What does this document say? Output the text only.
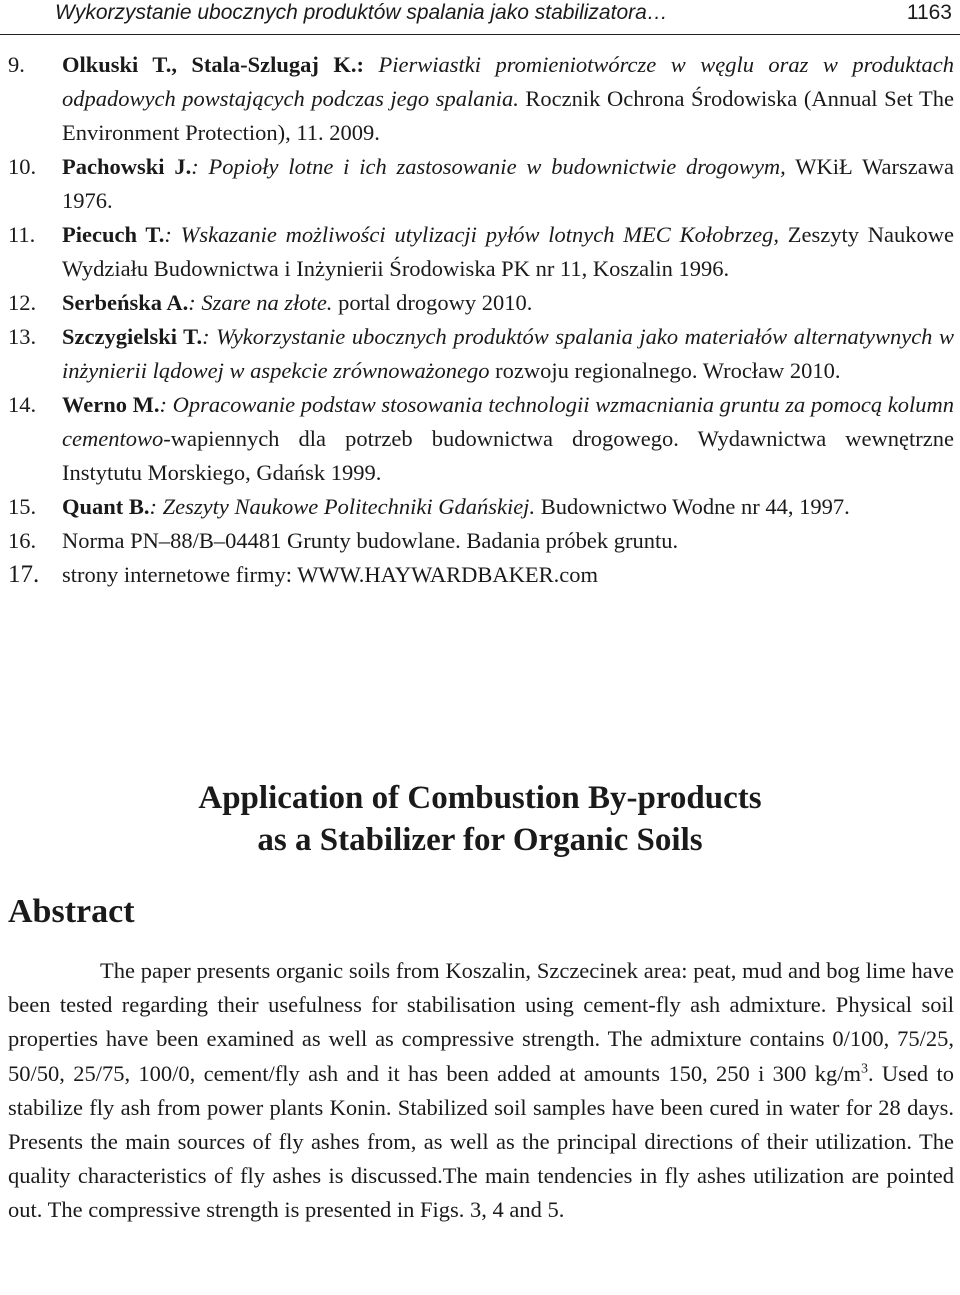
Wykorzystanie ubocznych produktów spalania jako stabilizatora…	1163
9. Olkuski T., Stala-Szlugaj K.: Pierwiastki promieniotwórcze w węglu oraz w produktach odpadowych powstających podczas jego spalania. Rocznik Ochrona Środowiska (Annual Set The Environment Protection), 11. 2009.
10. Pachowski J.: Popioły lotne i ich zastosowanie w budownictwie drogowym, WKiŁ Warszawa 1976.
11. Piecuch T.: Wskazanie możliwości utylizacji pyłów lotnych MEC Kołobrzeg, Zeszyty Naukowe Wydziału Budownictwa i Inżynierii Środowiska PK nr 11, Koszalin 1996.
12. Serbeńska A.: Szare na złote. portal drogowy 2010.
13. Szczygielski T.: Wykorzystanie ubocznych produktów spalania jako materiałów alternatywnych w inżynierii lądowej w aspekcie zrównoważonego rozwoju regionalnego. Wrocław 2010.
14. Werno M.: Opracowanie podstaw stosowania technologii wzmacniania gruntu za pomocą kolumn cementowo-wapiennych dla potrzeb budownictwa drogowego. Wydawnictwa wewnętrzne Instytutu Morskiego, Gdańsk 1999.
15. Quant B.: Zeszyty Naukowe Politechniki Gdańskiej. Budownictwo Wodne nr 44, 1997.
16. Norma PN‒88/B‒04481 Grunty budowlane. Badania próbek gruntu.
17. strony internetowe firmy: WWW.HAYWARDBAKER.com
Application of Combustion By-products
as a Stabilizer for Organic Soils
Abstract
The paper presents organic soils from Koszalin, Szczecinek area: peat, mud and bog lime have been tested regarding their usefulness for stabilisation using cement-fly ash admixture. Physical soil properties have been examined as well as compressive strength. The admixture contains 0/100, 75/25, 50/50, 25/75, 100/0, cement/fly ash and it has been added at amounts 150, 250 i 300 $kg/m^3$. Used to stabilize fly ash from power plants Konin. Stabilized soil samples have been cured in water for 28 days. Presents the main sources of fly ashes from, as well as the principal directions of their utilization. The quality characteristics of fly ashes is discussed.The main tendencies in fly ashes utilization are pointed out. The compressive strength is presented in Figs. 3, 4 and 5.
